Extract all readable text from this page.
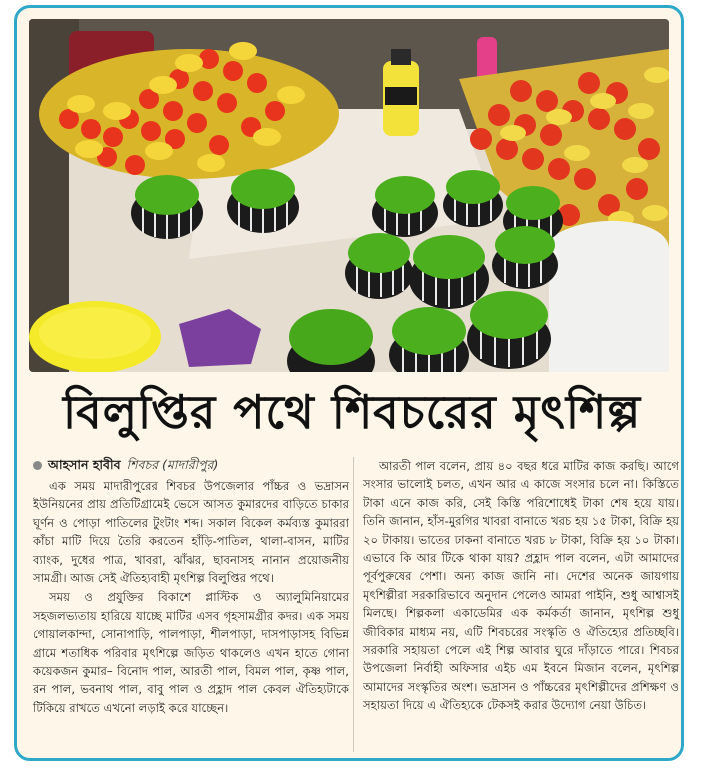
বিলুপ্তির পথে শিবচরের মৃৎশিল্প
আহসান হাবীব শিবচর (মাদারীপুর)

এক সময় মাদারীপুরের শিবচর উপজেলার পাঁচ্চর ও ভদ্রাসন ইউনিয়নের প্রায় প্রতিটিগ্রামেই ভেসে আসত কুমারদের বাড়িতে চাকার ঘূর্ণন ও পোড়া পাতিলের টুংটাং শব্দ। সকাল বিকেল কর্মব্যস্ত কুমাররা কাঁচা মাটি দিয়ে তৈরি করতেন হাঁড়ি-পাতিল, থালা-বাসন, মাটির ব্যাংক, দুধের পাত্র, খাবরা, ঝাঁঝর, ছাবনাসহ নানান প্রয়োজনীয় সামগ্রী। আজ সেই ঐতিহ্যবাহী মৃৎশিল্প বিলুপ্তির পথে।

সময় ও প্রযুক্তির বিকাশে প্লাস্টিক ও অ্যালুমিনিয়ামের সহজলভ্যতায় হারিয়ে যাচ্ছে মাটির এসব গৃহসামগ্রীর কদর। এক সময় গোয়ালকান্দা, সোনাপাড়ি, পালপাড়া, শীলপাড়া, দাসপাড়াসহ বিভিন্ন গ্রামে শতাধিক পরিবার মৃৎশিল্পে জড়িত থাকলেও এখন হাতে গোনা কয়েকজন কুমার– বিনোদ পাল, আরতী পাল, বিমল পাল, কৃষ্ণ পাল, রন পাল, ভবনাথ পাল, বাবু পাল ও প্রহ্লাদ পাল কেবল ঐতিহ্যটাকে টিকিয়ে রাখতে এখনো লড়াই করে যাচ্ছেন।

আরতী পাল বলেন, প্রায় ৪০ বছর ধরে মাটির কাজ করছি। আগে সংসার ভালোই চলত, এখন আর এ কাজে সংসার চলে না। কিস্তিতে টাকা এনে কাজ করি, সেই কিস্তি পরিশোধেই টাকা শেষ হয়ে যায়। তিনি জানান, হাঁস-মুরগির খাবরা বানাতে খরচ হয় ১৫ টাকা, বিক্রি হয় ২০ টাকায়। ভাতের ঢাকনা বানাতে খরচ ৮ টাকা, বিক্রি হয় ১০ টাকা। এভাবে কি আর টিকে থাকা যায়? প্রহ্লাদ পাল বলেন, এটা আমাদের পূর্বপুরুষের পেশা। অন্য কাজ জানি না। দেশের অনেক জায়গায় মৃৎশিল্পীরা সরকারিভাবে অনুদান পেলেও আমরা পাইনি, শুধু আশ্বাসই মিলছে। শিল্পকলা একাডেমির এক কর্মকর্তা জানান, মৃৎশিল্প শুধু জীবিকার মাধ্যম নয়, এটি শিবচরের সংস্কৃতি ও ঐতিহ্যের প্রতিচ্ছবি। সরকারি সহায়তা পেলে এই শিল্প আবার ঘুরে দাঁড়াতে পারে। শিবচর উপজেলা নির্বাহী অফিসার এইচ এম ইবনে মিজান বলেন, মৃৎশিল্প আমাদের সংস্কৃতির অংশ। ভদ্রাসন ও পাঁচ্চরের মৃৎশিল্পীদের প্রশিক্ষণ ও সহায়তা দিয়ে এ ঐতিহ্যকে টেকসই করার উদ্যোগ নেয়া উচিত।
